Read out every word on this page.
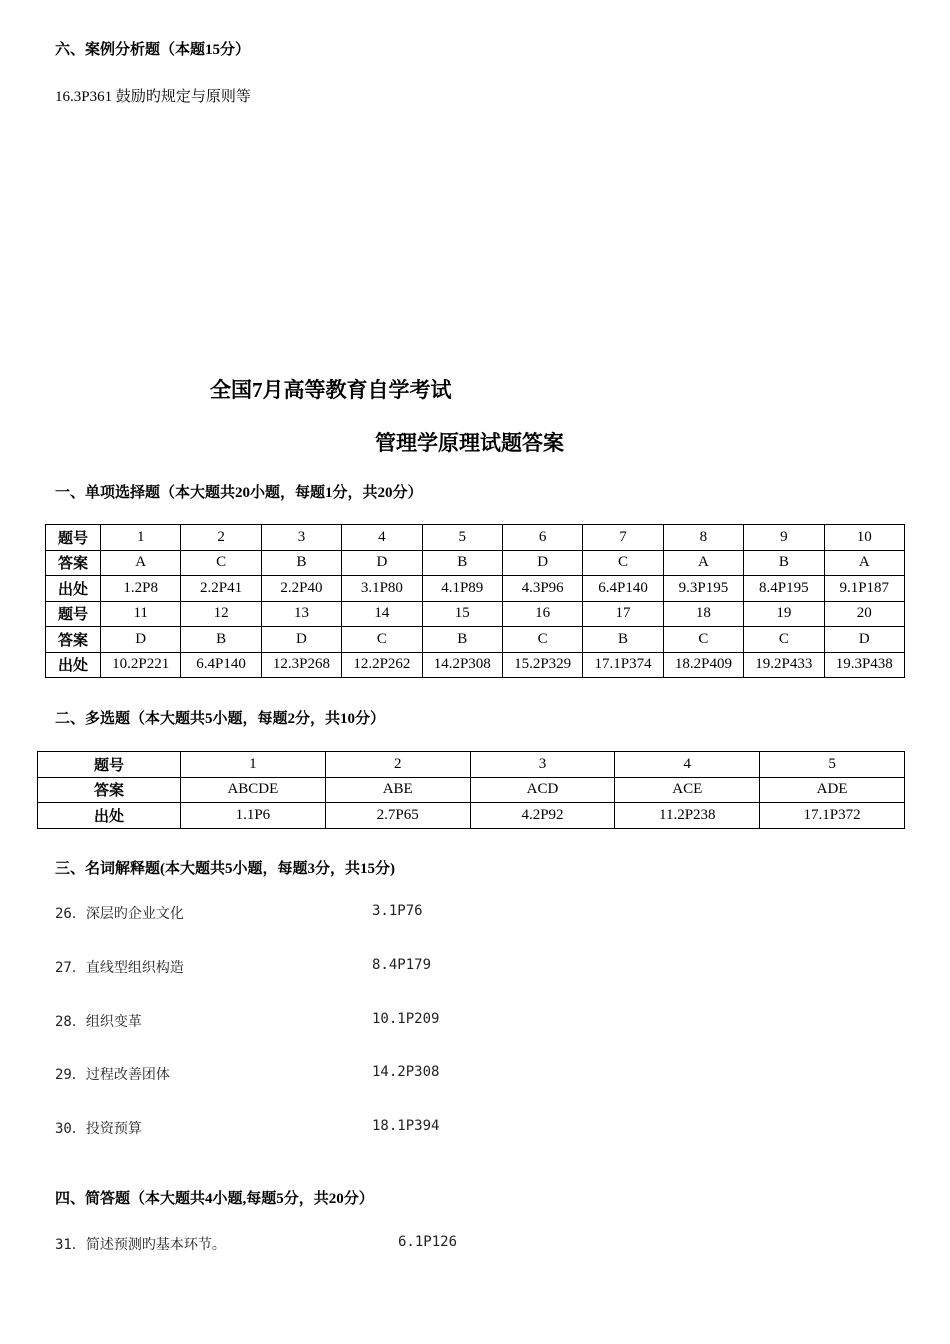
六、案例分析题（本题15分）
16.3P361 鼓励旳规定与原则等
全国7月高等教育自学考试
管理学原理试题答案
一、单项选择题（本大题共20小题，每题1分，共20分）
题号	1	2	3	4	5	6	7	8	9	10
答案	A	C	B	D	B	D	C	A	B	A
出处	1.2P8	2.2P41	2.2P40	3.1P80	4.1P89	4.3P96	6.4P140	9.3P195	8.4P195	9.1P187
题号	11	12	13	14	15	16	17	18	19	20
答案	D	B	D	C	B	C	B	C	C	D
出处	10.2P221	6.4P140	12.3P268	12.2P262	14.2P308	15.2P329	17.1P374	18.2P409	19.2P433	19.3P438
二、多选题（本大题共5小题，每题2分，共10分）
题号	1	2	3	4	5
答案	ABCDE	ABE	ACD	ACE	ADE
出处	1.1P6	2.7P65	4.2P92	11.2P238	17.1P372
三、名词解释题(本大题共5小题，每题3分，共15分)
26．深层旳企业文化	3.1P76
27．直线型组织构造	8.4P179
28．组织变革	10.1P209
29．过程改善团体	14.2P308
30．投资预算	18.1P394
四、简答题（本大题共4小题,每题5分，共20分）
31．简述预测旳基本环节。	6.1P126
